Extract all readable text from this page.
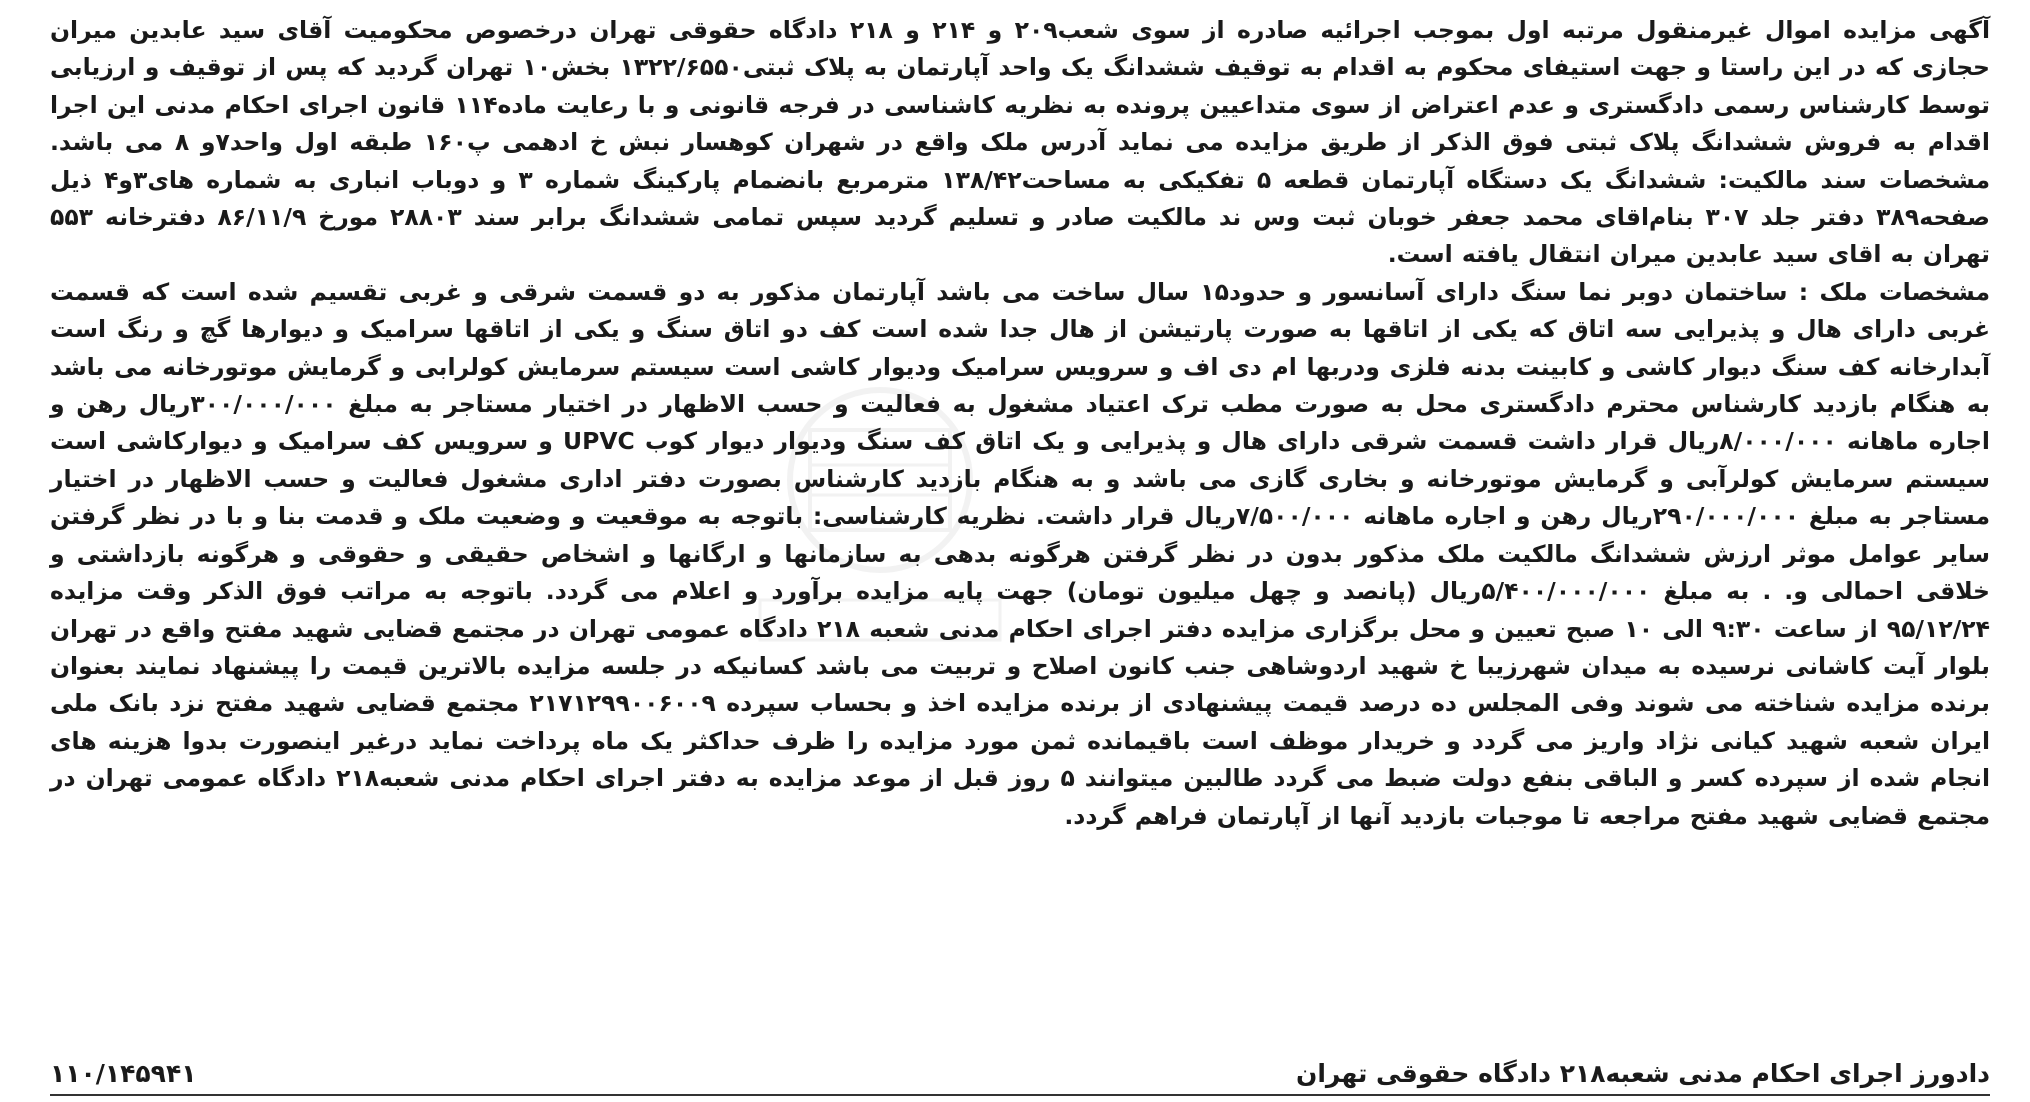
آگهی مزایده اموال غیرمنقول مرتبه اول بموجب اجرائیه صادره از سوی شعب۲۰۹ و ۲۱۴ و ۲۱۸ دادگاه حقوقی تهران درخصوص محکومیت آقای سید عابدین میران حجازی که در این راستا و جهت استیفای محکوم به اقدام به توقیف ششدانگ یک واحد آپارتمان به پلاک ثبتی۱۳۲۲/۶۵۵۰ بخش۱۰ تهران گردید که پس از توقیف و ارزیابی توسط کارشناس رسمی دادگستری و عدم اعتراض از سوی متداعیین پرونده به نظریه کاشناسی در فرجه قانونی و با رعایت ماده۱۱۴ قانون اجرای احکام مدنی این اجرا اقدام به فروش ششدانگ پلاک ثبتی فوق الذکر از طریق مزایده می نماید آدرس ملک واقع در شهران کوهسار نبش خ ادهمی پ۱۶۰ طبقه اول واحد۷و ۸ می باشد. مشخصات سند مالکیت: ششدانگ یک دستگاه آپارتمان قطعه ۵ تفکیکی به مساحت۱۳۸/۴۲ مترمربع بانضمام پارکینگ شماره ۳ و دوباب انباری به شماره های۳و۴ ذیل صفحه۳۸۹ دفتر جلد ۳۰۷ بنام‌اقای محمد جعفر خوبان ثبت وس ند مالکیت صادر و تسلیم گردید سپس تمامی ششدانگ برابر سند ۲۸۸۰۳ مورخ ۸۶/۱۱/۹ دفترخانه ۵۵۳ تهران به اقای سید عابدین میران انتقال یافته است.

مشخصات ملک : ساختمان دوبر نما سنگ دارای آسانسور و حدود۱۵ سال ساخت می باشد آپارتمان مذکور به دو قسمت شرقی و غربی تقسیم شده است که قسمت غربی دارای هال و پذیرایی سه اتاق که یکی از اتاقها به صورت پارتیشن از هال جدا شده است کف دو اتاق سنگ و یکی از اتاقها سرامیک و دیوارها گچ و رنگ است آبدارخانه کف سنگ دیوار کاشی و کابینت بدنه فلزی ودربها ام دی اف و سرویس سرامیک ودیوار کاشی است سیستم سرمایش کولرابی و گرمایش موتورخانه می باشد به هنگام بازدید کارشناس محترم دادگستری محل به صورت مطب ترک اعتیاد مشغول به فعالیت و حسب الاظهار در اختیار مستاجر به مبلغ ۳۰۰/۰۰۰/۰۰۰ریال رهن و اجاره ماهانه ۸/۰۰۰/۰۰۰ریال قرار داشت قسمت شرقی دارای هال و پذیرایی و یک اتاق کف سنگ ودیوار دیوار کوب UPVC و سرویس کف سرامیک و دیوارکاشی است سیستم سرمایش کولرآبی و گرمایش موتورخانه و بخاری گازی می باشد و به هنگام بازدید کارشناس بصورت دفتر اداری مشغول فعالیت و حسب الاظهار در اختیار مستاجر به مبلغ ۲۹۰/۰۰۰/۰۰۰ریال رهن و اجاره ماهانه ۷/۵۰۰/۰۰۰ریال قرار داشت. نظریه کارشناسی: باتوجه به موقعیت و وضعیت ملک و قدمت بنا و با در نظر گرفتن سایر عوامل موثر ارزش ششدانگ مالکیت ملک مذکور بدون در نظر گرفتن هرگونه بدهی به سازمانها و ارگانها و اشخاص حقیقی و حقوقی و هرگونه بازداشتی و خلاقی احمالی و. . به مبلغ ۵/۴۰۰/۰۰۰/۰۰۰ریال (پانصد و چهل میلیون تومان) جهت پایه مزایده برآورد و اعلام می گردد. باتوجه به مراتب فوق الذکر وقت مزایده ۹۵/۱۲/۲۴ از ساعت ۹:۳۰ الی ۱۰ صبح تعیین و محل برگزاری مزایده دفتر اجرای احکام مدنی شعبه ۲۱۸ دادگاه عمومی تهران در مجتمع قضایی شهید مفتح واقع در تهران بلوار آیت کاشانی نرسیده به میدان شهرزیبا خ شهید اردوشاهی جنب کانون اصلاح و تربیت می باشد کسانیکه در جلسه مزایده بالاترین قیمت را پیشنهاد نمایند بعنوان برنده مزایده شناخته می شوند وفی المجلس ده درصد قیمت پیشنهادی از برنده مزایده اخذ و بحساب سپرده ۲۱۷۱۲۹۹۰۰۶۰۰۹ مجتمع قضایی شهید مفتح نزد بانک ملی ایران شعبه شهید کیانی نژاد واریز می گردد و خریدار موظف است باقیمانده ثمن مورد مزایده را ظرف حداکثر یک ماه پرداخت نماید درغیر اینصورت بدوا هزینه های انجام شده از سپرده کسر و الباقی بنفع دولت ضبط می گردد طالبین میتوانند ۵ روز قبل از موعد مزایده به دفتر اجرای احکام مدنی شعبه۲۱۸ دادگاه عمومی تهران در مجتمع قضایی شهید مفتح مراجعه تا موجبات بازدید آنها از آپارتمان فراهم گردد.

دادورز اجرای احکام مدنی شعبه۲۱۸ دادگاه حقوقی تهران
۱۱۰/۱۴۵۹۴۱
